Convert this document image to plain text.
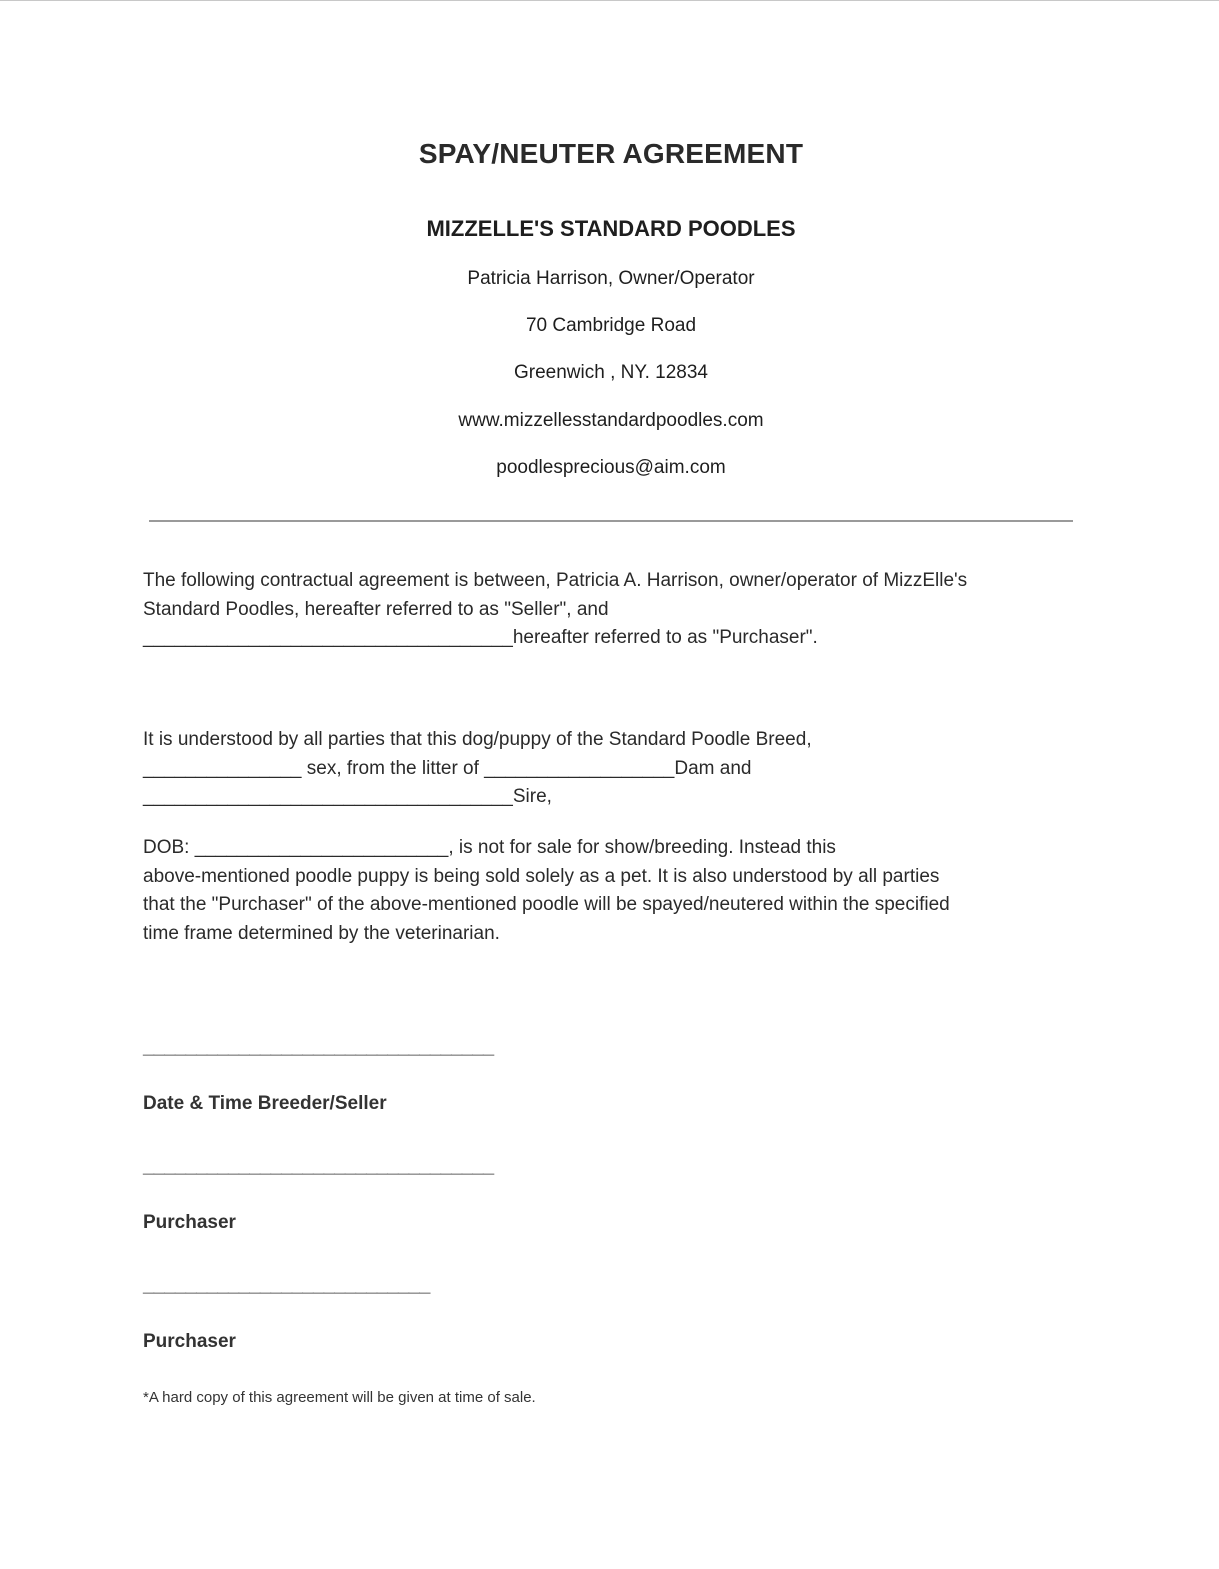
SPAY/NEUTER AGREEMENT
MIZZELLE'S STANDARD POODLES
Patricia Harrison, Owner/Operator
70 Cambridge Road
Greenwich , NY. 12834
www.mizzellesstandardpoodles.com
poodlesprecious@aim.com
The following contractual agreement is between, Patricia A. Harrison, owner/operator of MizzElle's
Standard Poodles, hereafter referred to as "Seller", and
___________________________________hereafter referred to as "Purchaser".
It is understood by all parties that this dog/puppy of the Standard Poodle Breed,
_______________ sex, from the litter of __________________Dam and
___________________________________Sire,
DOB: ________________________, is not for sale for show/breeding. Instead this
above-mentioned poodle puppy is being sold solely as a pet. It is also understood by all parties
that the "Purchaser" of the above-mentioned poodle will be spayed/neutered within the specified
time frame determined by the veterinarian.
_________________________________
Date & Time Breeder/Seller
_________________________________
Purchaser
___________________________
Purchaser
*A hard copy of this agreement will be given at time of sale.
